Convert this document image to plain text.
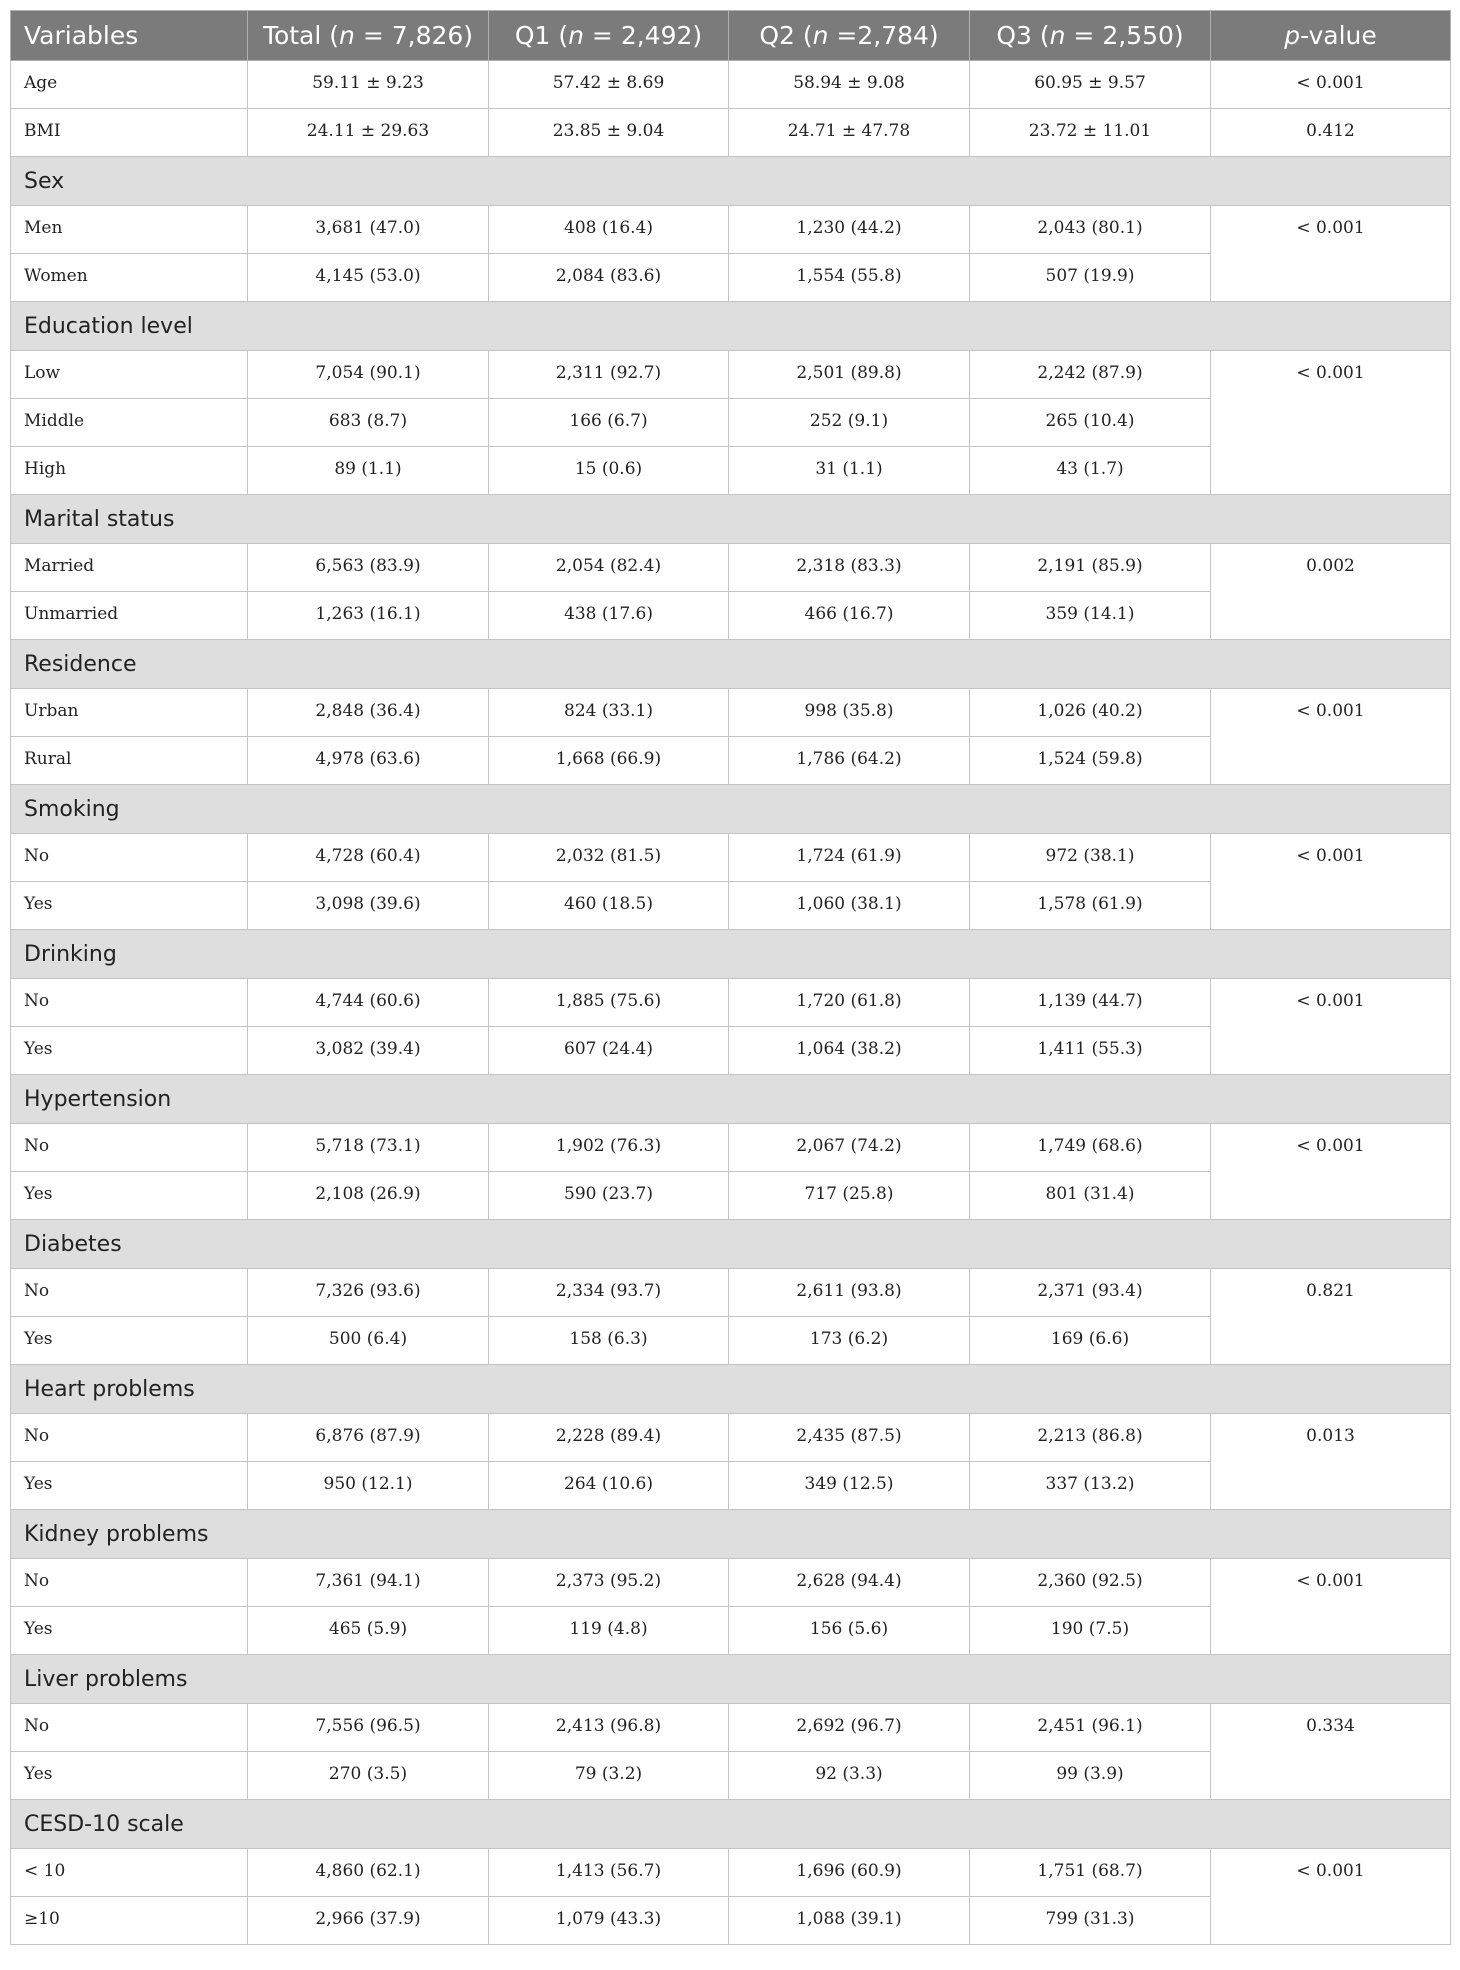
Variables	Total (n = 7,826)	Q1 (n = 2,492)	Q2 (n =2,784)	Q3 (n = 2,550)	p-value
Age	59.11 ± 9.23	57.42 ± 8.69	58.94 ± 9.08	60.95 ± 9.57	< 0.001
BMI	24.11 ± 29.63	23.85 ± 9.04	24.71 ± 47.78	23.72 ± 11.01	0.412
Sex					
Men	3,681 (47.0)	408 (16.4)	1,230 (44.2)	2,043 (80.1)	< 0.001
Women	4,145 (53.0)	2,084 (83.6)	1,554 (55.8)	507 (19.9)	
Education level					
Low	7,054 (90.1)	2,311 (92.7)	2,501 (89.8)	2,242 (87.9)	< 0.001
Middle	683 (8.7)	166 (6.7)	252 (9.1)	265 (10.4)	
High	89 (1.1)	15 (0.6)	31 (1.1)	43 (1.7)	
Marital status					
Married	6,563 (83.9)	2,054 (82.4)	2,318 (83.3)	2,191 (85.9)	0.002
Unmarried	1,263 (16.1)	438 (17.6)	466 (16.7)	359 (14.1)	
Residence					
Urban	2,848 (36.4)	824 (33.1)	998 (35.8)	1,026 (40.2)	< 0.001
Rural	4,978 (63.6)	1,668 (66.9)	1,786 (64.2)	1,524 (59.8)	
Smoking					
No	4,728 (60.4)	2,032 (81.5)	1,724 (61.9)	972 (38.1)	< 0.001
Yes	3,098 (39.6)	460 (18.5)	1,060 (38.1)	1,578 (61.9)	
Drinking					
No	4,744 (60.6)	1,885 (75.6)	1,720 (61.8)	1,139 (44.7)	< 0.001
Yes	3,082 (39.4)	607 (24.4)	1,064 (38.2)	1,411 (55.3)	
Hypertension					
No	5,718 (73.1)	1,902 (76.3)	2,067 (74.2)	1,749 (68.6)	< 0.001
Yes	2,108 (26.9)	590 (23.7)	717 (25.8)	801 (31.4)	
Diabetes					
No	7,326 (93.6)	2,334 (93.7)	2,611 (93.8)	2,371 (93.4)	0.821
Yes	500 (6.4)	158 (6.3)	173 (6.2)	169 (6.6)	
Heart problems					
No	6,876 (87.9)	2,228 (89.4)	2,435 (87.5)	2,213 (86.8)	0.013
Yes	950 (12.1)	264 (10.6)	349 (12.5)	337 (13.2)	
Kidney problems					
No	7,361 (94.1)	2,373 (95.2)	2,628 (94.4)	2,360 (92.5)	< 0.001
Yes	465 (5.9)	119 (4.8)	156 (5.6)	190 (7.5)	
Liver problems					
No	7,556 (96.5)	2,413 (96.8)	2,692 (96.7)	2,451 (96.1)	0.334
Yes	270 (3.5)	79 (3.2)	92 (3.3)	99 (3.9)	
CESD-10 scale					
< 10	4,860 (62.1)	1,413 (56.7)	1,696 (60.9)	1,751 (68.7)	< 0.001
≥10	2,966 (37.9)	1,079 (43.3)	1,088 (39.1)	799 (31.3)	
